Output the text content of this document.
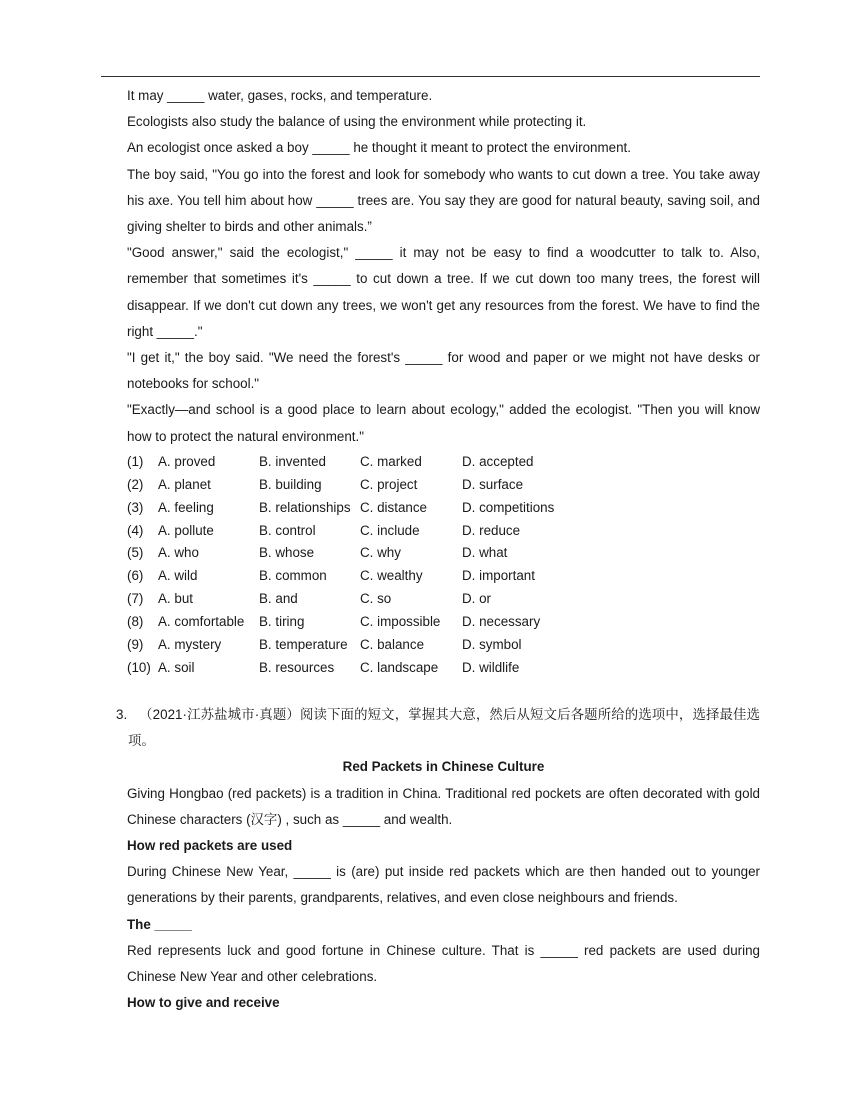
It may _____ water, gases, rocks, and temperature.

Ecologists also study the balance of using the environment while protecting it.

An ecologist once asked a boy _____ he thought it meant to protect the environment.

The boy said, "You go into the forest and look for somebody who wants to cut down a tree. You take away his axe. You tell him about how _____ trees are. You say they are good for natural beauty, saving soil, and giving shelter to birds and other animals.”

"Good answer," said the ecologist," _____ it may not be easy to find a woodcutter to talk to. Also, remember that sometimes it's _____ to cut down a tree. If we cut down too many trees, the forest will disappear. If we don't cut down any trees, we won't get any resources from the forest. We have to find the right _____."

"I get it," the boy said. "We need the forest's _____ for wood and paper or we might not have desks or notebooks for school."

"Exactly—and school is a good place to learn about ecology," added the ecologist. "Then you will know how to protect the natural environment."

(1)	A. proved	B. invented	C. marked	D. accepted
(2)	A. planet	B. building	C. project	D. surface
(3)	A. feeling	B. relationships C. distance	D. competitions
(4)	A. pollute	B. control	C. include	D. reduce
(5)	A. who	B. whose	C. why	D. what
(6)	A. wild	B. common	C. wealthy	D. important
(7)	A. but	B. and	C. so	D. or
(8)	A. comfortable	B. tiring	C. impossible	D. necessary
(9)	A. mystery	B. temperature C. balance	D. symbol
(10) A. soil	B. resources	C. landscape	D. wildlife
3. （2021·江苏盐城市·真题）阅读下面的短文，掌握其大意，然后从短文后各题所给的选项中，选择最佳选项。
Red Packets in Chinese Culture

Giving Hongbao (red packets) is a tradition in China. Traditional red pockets are often decorated with gold Chinese characters (汉字) , such as _____ and wealth.

How red packets are used

During Chinese New Year, _____ is (are) put inside red packets which are then handed out to younger generations by their parents, grandparents, relatives, and even close neighbours and friends.

The _____

Red represents luck and good fortune in Chinese culture. That is _____ red packets are used during Chinese New Year and other celebrations.

How to give and receive
